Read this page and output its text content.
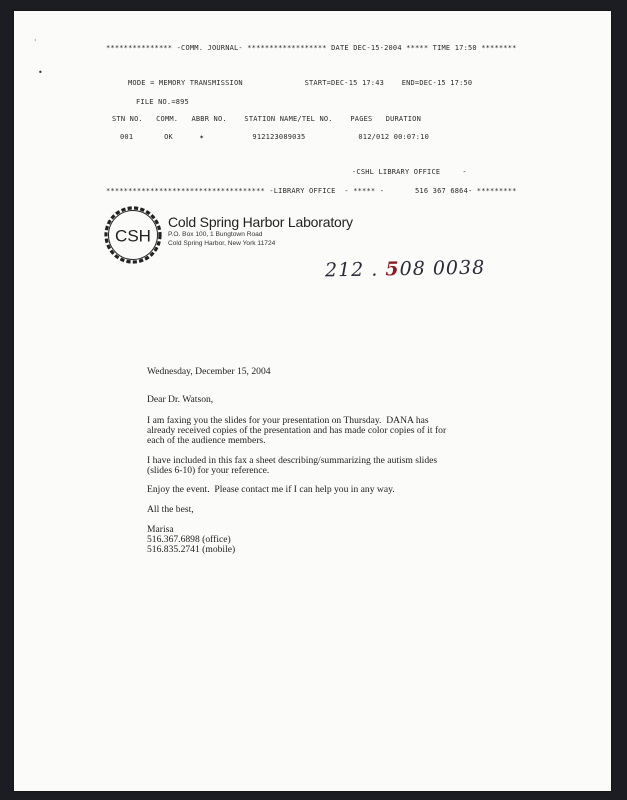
·
•
*************** -COMM. JOURNAL- ****************** DATE DEC-15-2004 ***** TIME 17:50 ********
MODE = MEMORY TRANSMISSION              START=DEC-15 17:43    END=DEC-15 17:50
FILE NO.=895
STN NO.   COMM.   ABBR NO.    STATION NAME/TEL NO.    PAGES   DURATION
001       OK      ✶           912123089035            012/012 00:07:10
-CSHL LIBRARY OFFICE     -
************************************ -LIBRARY OFFICE  - ***** -       516 367 6864- *********
CSH
Cold Spring Harbor Laboratory
P.O. Box 100, 1 Bungtown Road
Cold Spring Harbor, New York 11724
212 . 508 0038
Wednesday, December 15, 2004
Dear Dr. Watson,
I am faxing you the slides for your presentation on Thursday.  DANA has
already received copies of the presentation and has made color copies of it for
each of the audience members.
I have included in this fax a sheet describing/summarizing the autism slides
(slides 6-10) for your reference.
Enjoy the event.  Please contact me if I can help you in any way.
All the best,
Marisa
516.367.6898 (office)
516.835.2741 (mobile)
